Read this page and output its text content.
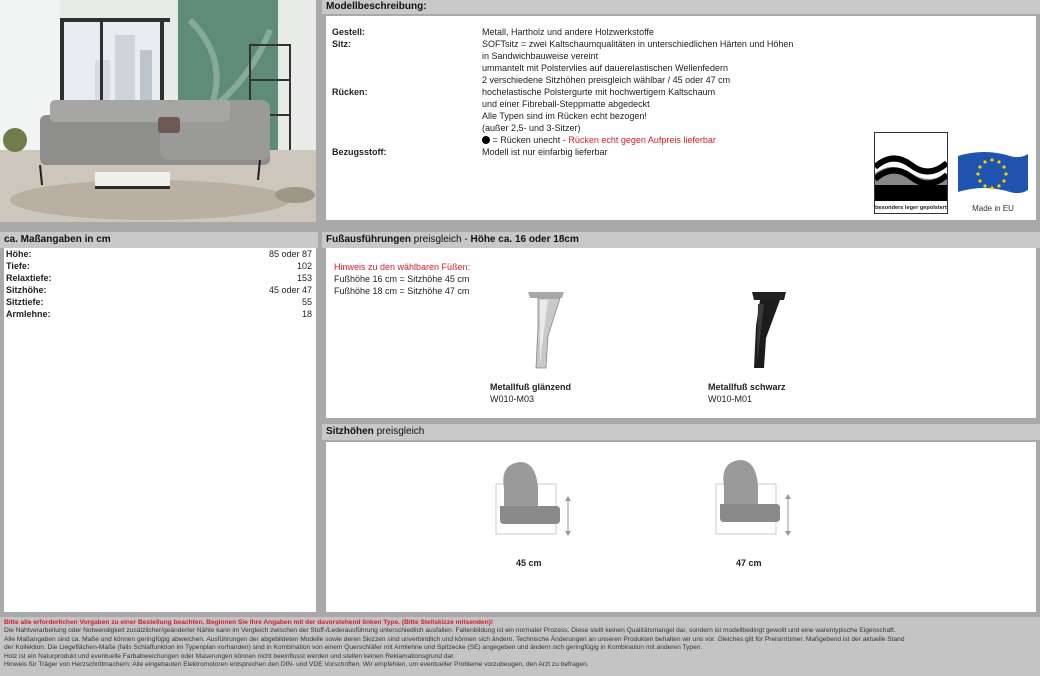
Modellbeschreibung:
Gestell:	Metall, Hartholz und andere Holzwerkstoffe
Sitz:	SOFTsitz = zwei Kaltschaumqualitäten in unterschiedlichen Härten und Höhen
in Sandwichbauweise vereint
ummantelt mit Polstervlies auf dauerelastischen Wellenfedern
2 verschiedene Sitzhöhen preisgleich wählbar / 45 oder 47 cm
Rücken:	hochelastische Polstergurte mit hochwertigem Kaltschaum
und einer Fibreball-Steppmatte abgedeckt
Alle Typen sind im Rücken echt bezogen!
(außer 2,5- und 3-Sitzer)
= Rücken unecht - Rücken echt gegen Aufpreis lieferbar
Bezugsstoff:	Modell ist nur einfarbig lieferbar
besonders leger gepolstert	Made in EU
ca. Maßangaben in cm
Höhe:	85 oder 87
Tiefe:	102
Relaxtiefe:	153
Sitzhöhe:	45 oder 47
Sitztiefe:	55
Armlehne:	18
Fußausführungen preisgleich - Höhe ca. 16 oder 18cm
Hinweis zu den wählbaren Füßen:
Fußhöhe 16 cm = Sitzhöhe 45 cm
Fußhöhe 18 cm = Sitzhöhe 47 cm
Metallfuß glänzend
W010-M03
Metallfuß schwarz
W010-M01
Sitzhöhen preisgleich
45 cm	47 cm
Bitte alle erforderlichen Vorgaben zu einer Bestellung beachten. Beginnen Sie Ihre Angaben mit der davorstehend linken Type. (Bitte Stellskizze mitsenden)!
Die Nahtverarbeitung oder Notwendigkeit zusätzlicher/geänderter Nähte kann im Vergleich zwischen der Stoff-/Lederausführung unterschiedlich ausfallen. Faltenbildung ist ein normaler Prozess. Diese stellt keinen Qualitätsmangel dar, sondern ist modellbedingt gewollt und eine warentypische Eigenschaft.
Alle Maßangaben sind ca. Maße und können geringfügig abweichen. Ausführungen der abgebildeten Modelle sowie deren Skizzen sind unverbindlich und können sich ändern. Technische Änderungen an unseren Produkten behalten wir uns vor. Gleiches gilt für Preisirrtümer. Maßgebend ist der aktuelle Stand
der Kollektion. Die Liegeflächen-Maße (falls Schlaffunktion im Typenplan vorhanden) sind in Kombination von einem Querschläfer mit Armlehne und Spitzecke (SE) angegeben und ändern sich geringfügig in Kombination mit anderen Typen.
Holz ist ein Naturprodukt und eventuelle Farbabweichungen oder Maserungen können nicht beeinflusst werden und stellen keinen Reklamationsgrund dar.
Hinweis für Träger von Herzschrittmachern: Alle eingebauten Elektromotoren entsprechen den DIN- und VDE Vorschriften. Wir empfehlen, um eventueller Probleme vorzubeugen, den Arzt zu befragen.
